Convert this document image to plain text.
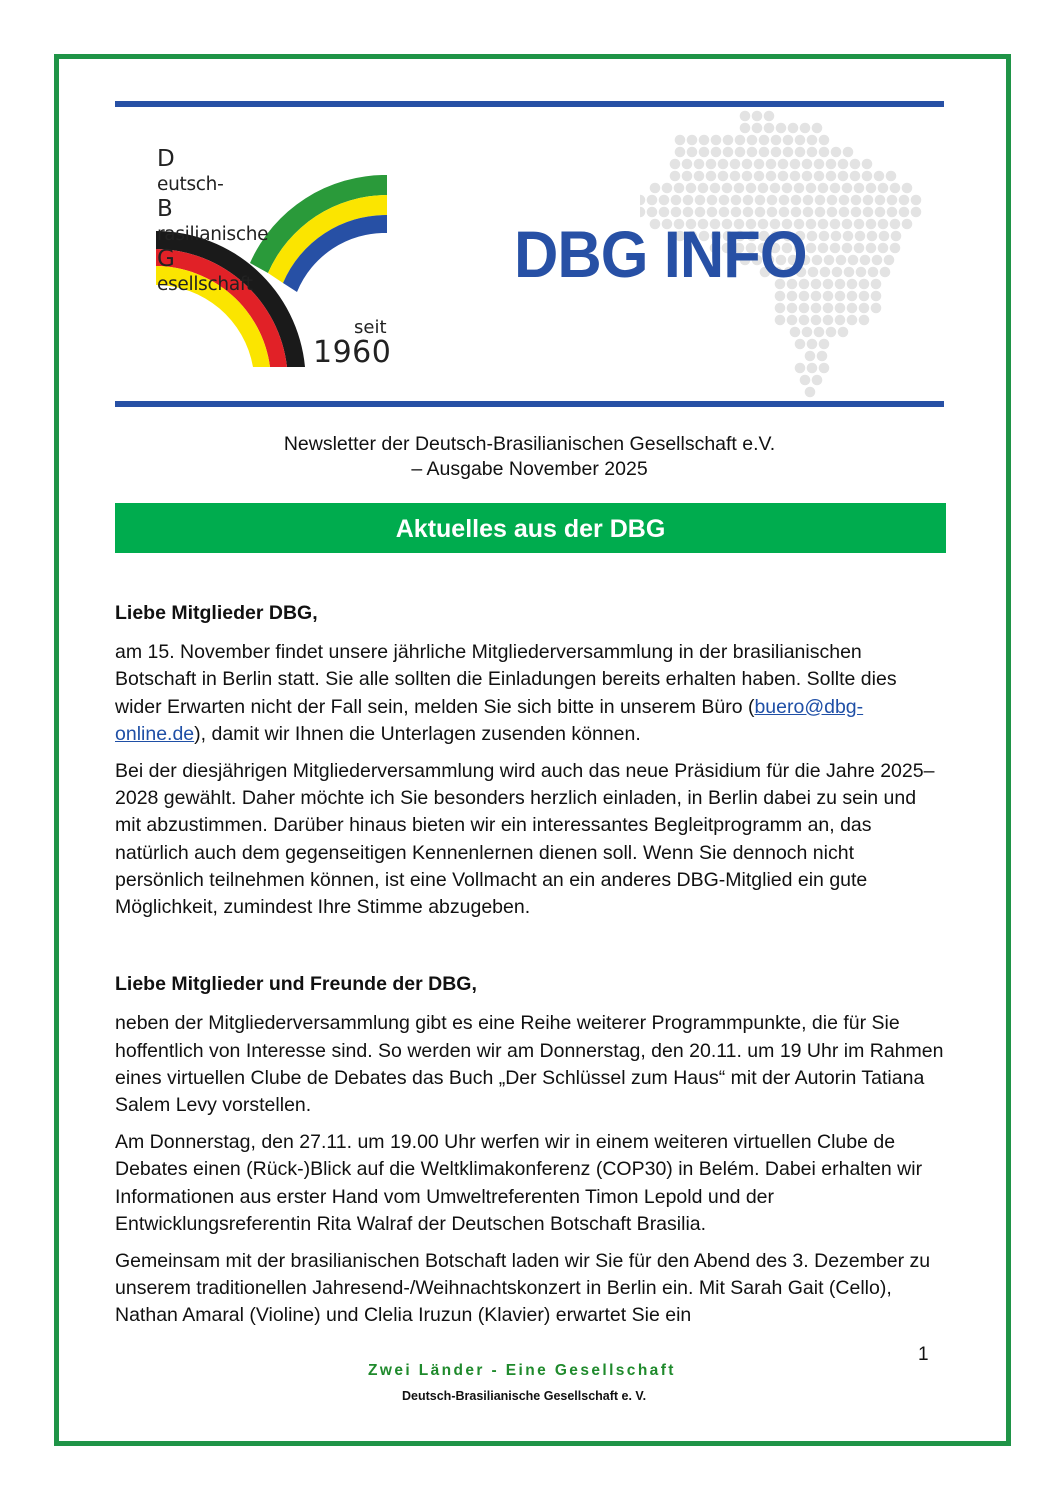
D
eutsch-
B
rasilianische
G
esellschaft
seit
1960
DBG INFO
Newsletter der Deutsch-Brasilianischen Gesellschaft e.V.
– Ausgabe November 2025
Aktuelles aus der DBG

Liebe Mitglieder DBG,

am 15. November findet unsere jährliche Mitgliederversammlung in der brasilianischen Botschaft in Berlin statt. Sie alle sollten die Einladungen bereits erhalten haben. Sollte dies wider Erwarten nicht der Fall sein, melden Sie sich bitte in unserem Büro (buero@dbg-online.de), damit wir Ihnen die Unterlagen zusenden können.

Bei der diesjährigen Mitgliederversammlung wird auch das neue Präsidium für die Jahre 2025–2028 gewählt. Daher möchte ich Sie besonders herzlich einladen, in Berlin dabei zu sein und mit abzustimmen. Darüber hinaus bieten wir ein interessantes Begleitprogramm an, das natürlich auch dem gegenseitigen Kennenlernen dienen soll. Wenn Sie dennoch nicht persönlich teilnehmen können, ist eine Vollmacht an ein anderes DBG-Mitglied ein gute Möglichkeit, zumindest Ihre Stimme abzugeben.

Liebe Mitglieder und Freunde der DBG,

neben der Mitgliederversammlung gibt es eine Reihe weiterer Programmpunkte, die für Sie hoffentlich von Interesse sind. So werden wir am Donnerstag, den 20.11. um 19 Uhr im Rahmen eines virtuellen Clube de Debates das Buch „Der Schlüssel zum Haus“ mit der Autorin Tatiana Salem Levy vorstellen.

Am Donnerstag, den 27.11. um 19.00 Uhr werfen wir in einem weiteren virtuellen Clube de Debates einen (Rück-)Blick auf die Weltklimakonferenz (COP30) in Belém. Dabei erhalten wir Informationen aus erster Hand vom Umweltreferenten Timon Lepold und der Entwicklungsreferentin Rita Walraf der Deutschen Botschaft Brasilia.

Gemeinsam mit der brasilianischen Botschaft laden wir Sie für den Abend des 3. Dezember zu unserem traditionellen Jahresend-/Weihnachtskonzert in Berlin ein. Mit Sarah Gait (Cello), Nathan Amaral (Violine) und Clelia Iruzun (Klavier) erwartet Sie ein

1
Zwei Länder - Eine Gesellschaft
Deutsch-Brasilianische Gesellschaft e. V.
